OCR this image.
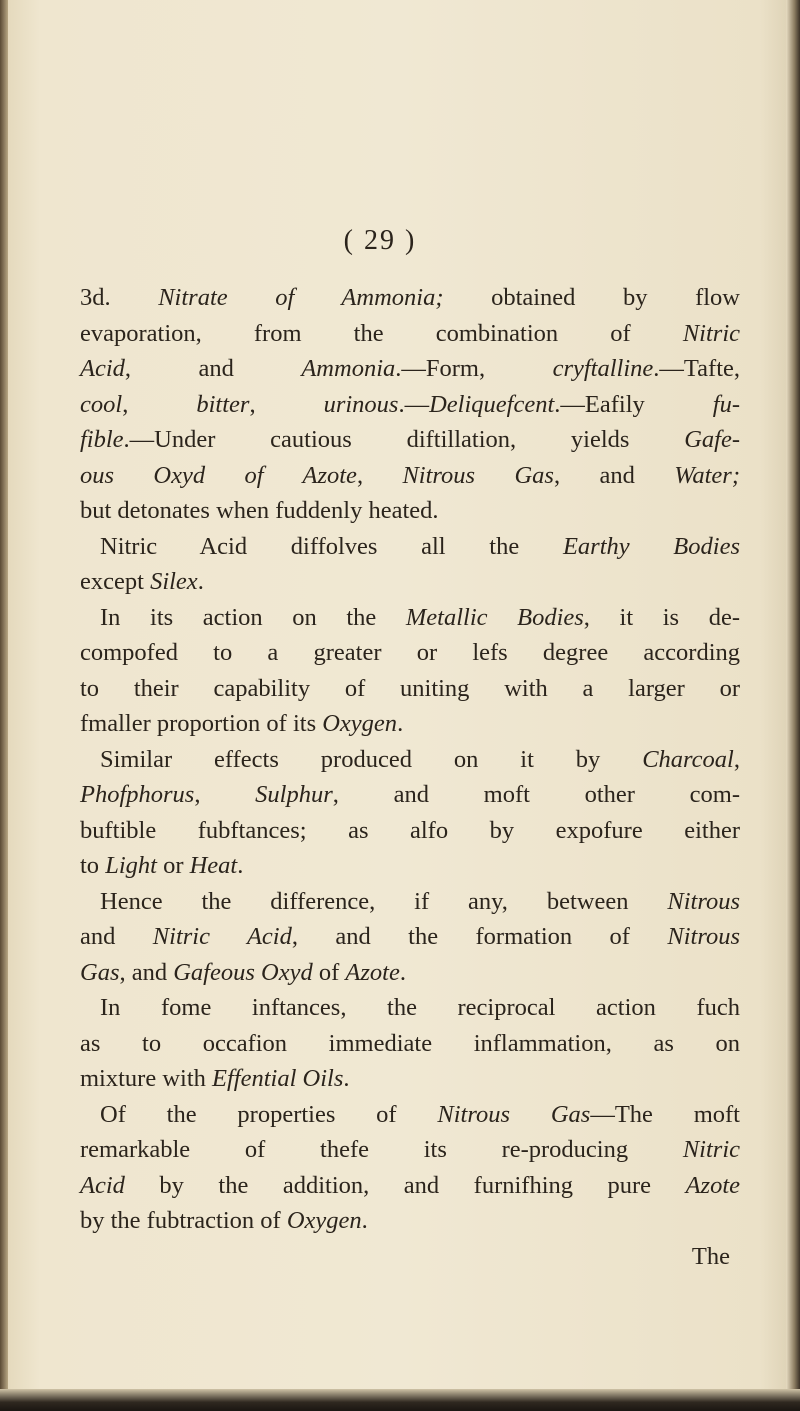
( 29 )
3d. Nitrate of Ammonia; obtained by flow
evaporation, from the combination of Nitric
Acid, and Ammonia.—Form, cryftalline.—Tafte,
cool, bitter, urinous.—Deliquefcent.—Eafily fu-
fible.—Under cautious diftillation, yields Gafe-
ous Oxyd of Azote, Nitrous Gas, and Water;
but detonates when fuddenly heated.
Nitric Acid diffolves all the Earthy Bodies
except Silex.
In its action on the Metallic Bodies, it is de-
compofed to a greater or lefs degree according
to their capability of uniting with a larger or
fmaller proportion of its Oxygen.
Similar effects produced on it by Charcoal,
Phofphorus, Sulphur, and moft other com-
buftible fubftances; as alfo by expofure either
to Light or Heat.
Hence the difference, if any, between Nitrous
and Nitric Acid, and the formation of Nitrous
Gas, and Gafeous Oxyd of Azote.
In fome inftances, the reciprocal action fuch
as to occafion immediate inflammation, as on
mixture with Effential Oils.
Of the properties of Nitrous Gas—The moft
remarkable of thefe its re-producing Nitric
Acid by the addition, and furnifhing pure Azote
by the fubtraction of Oxygen.
The
